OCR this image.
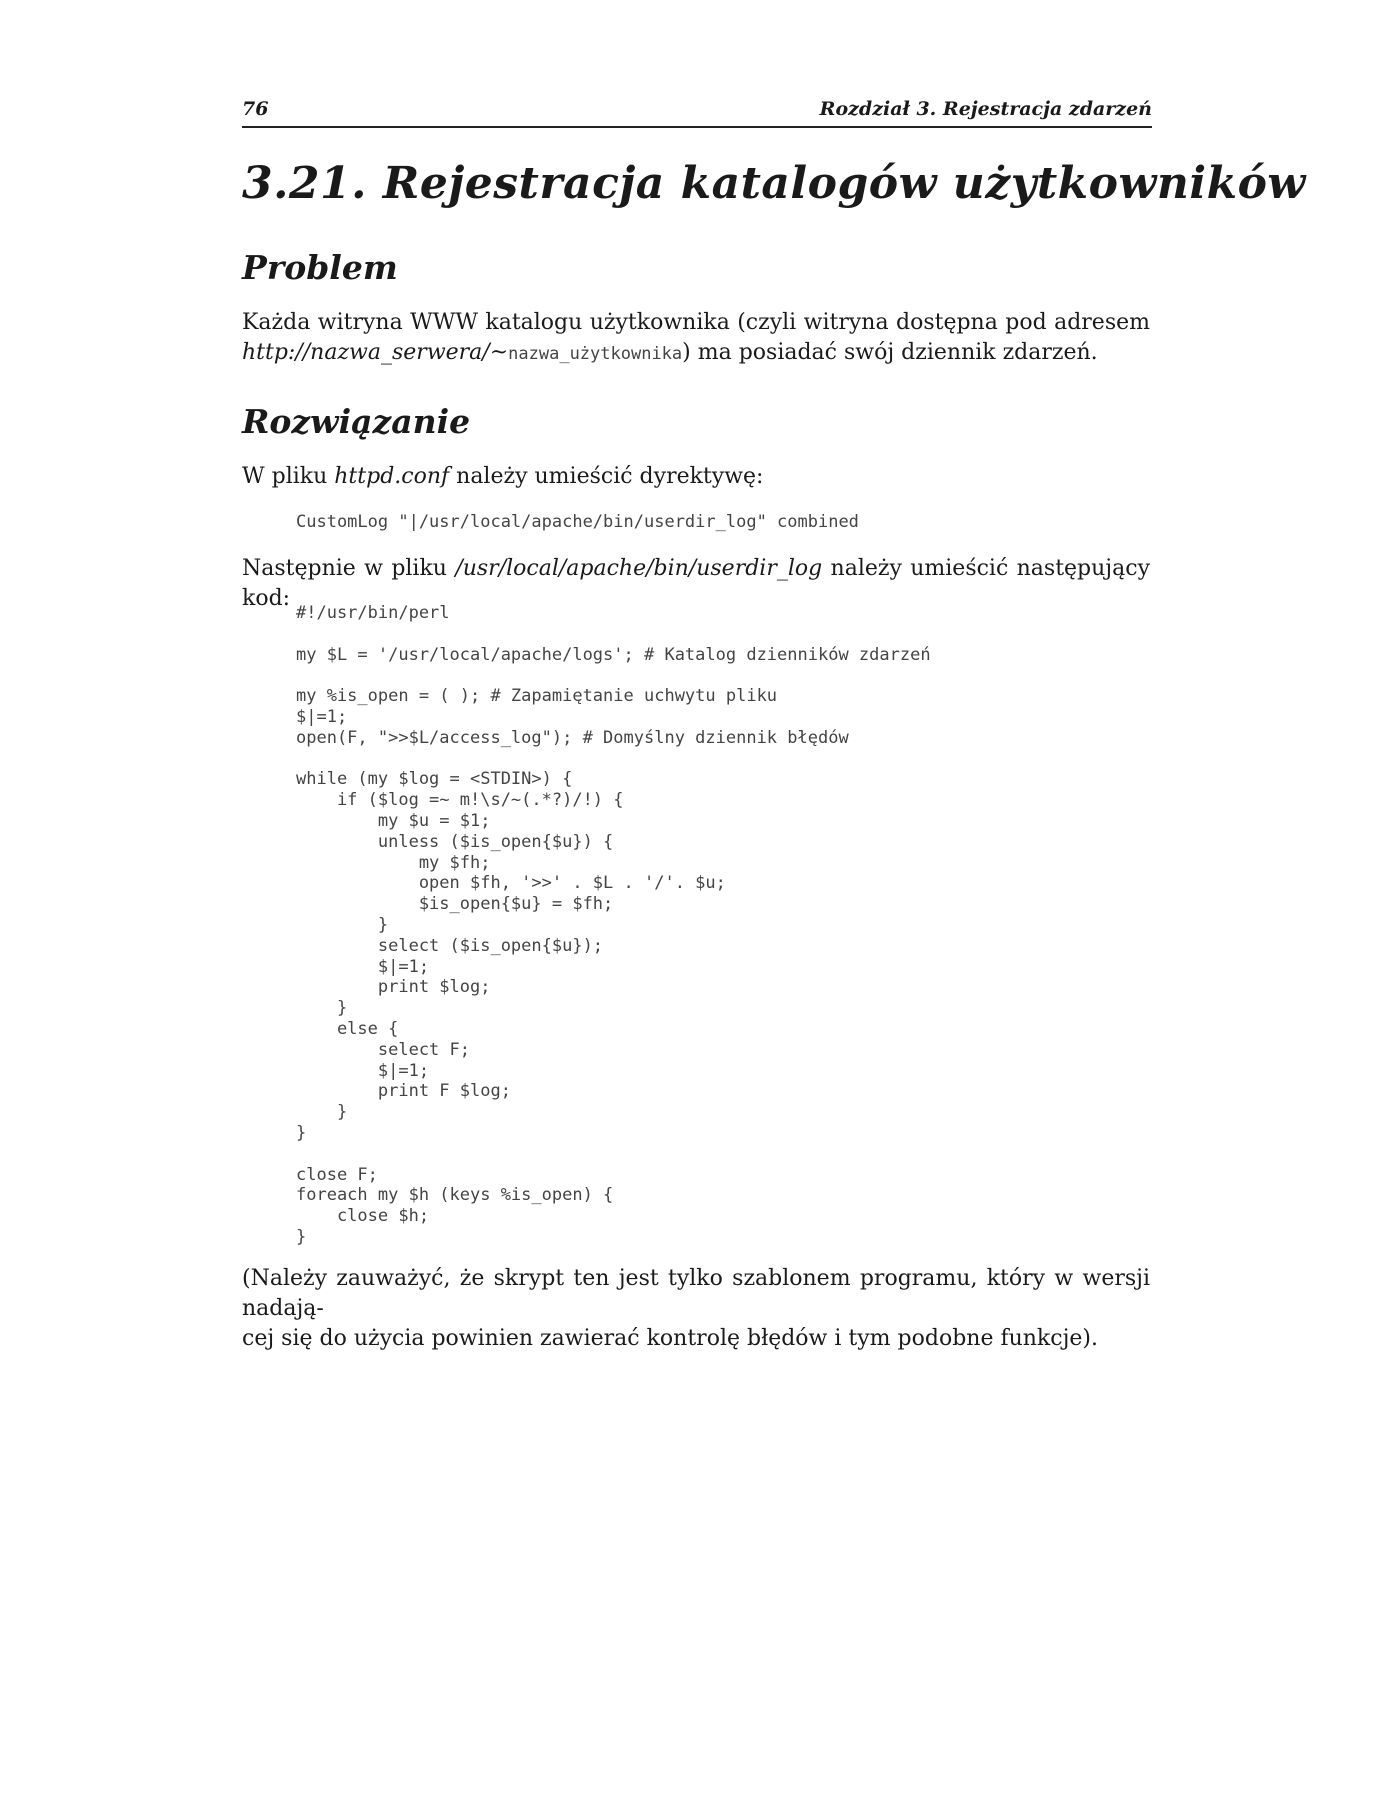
76	Rozdział 3. Rejestracja zdarzeń
3.21. Rejestracja katalogów użytkowników
Problem
Każda witryna WWW katalogu użytkownika (czyli witryna dostępna pod adresem
http://nazwa_serwera/~nazwa_użytkownika) ma posiadać swój dziennik zdarzeń.
Rozwiązanie
W pliku httpd.conf należy umieścić dyrektywę:
CustomLog "|/usr/local/apache/bin/userdir_log" combined
Następnie w pliku /usr/local/apache/bin/userdir_log należy umieścić następujący kod:
#!/usr/bin/perl

my $L = '/usr/local/apache/logs'; # Katalog dzienników zdarzeń

my %is_open = ( ); # Zapamiętanie uchwytu pliku
$|=1;
open(F, ">>$L/access_log"); # Domyślny dziennik błędów

while (my $log = <STDIN>) {
if ($log =~ m!\s/~(.*?)/!) {
my $u = $1;
unless ($is_open{$u}) {
my $fh;
open $fh, '>>' . $L . '/'. $u;
$is_open{$u} = $fh;
}
select ($is_open{$u});
$|=1;
print $log;
}
else {
select F;
$|=1;
print F $log;
}
}

close F;
foreach my $h (keys %is_open) {
close $h;
}
(Należy zauważyć, że skrypt ten jest tylko szablonem programu, który w wersji nadają-
cej się do użycia powinien zawierać kontrolę błędów i tym podobne funkcje).
